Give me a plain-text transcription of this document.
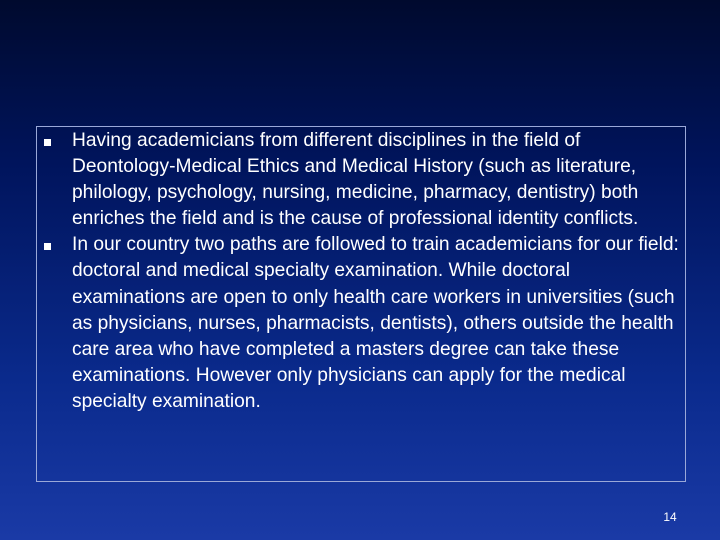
Having academicians from different disciplines in the field of Deontology-Medical Ethics and Medical History (such as literature, philology, psychology, nursing, medicine, pharmacy, dentistry) both enriches the field and is the cause of professional identity conflicts.
In our country two paths are followed to train academicians for our field: doctoral and medical specialty examination. While doctoral examinations are open to only health care workers in universities (such as physicians, nurses, pharmacists, dentists), others outside the health care area who have completed a masters degree can take these examinations. However only physicians can apply for the medical specialty examination.
14
